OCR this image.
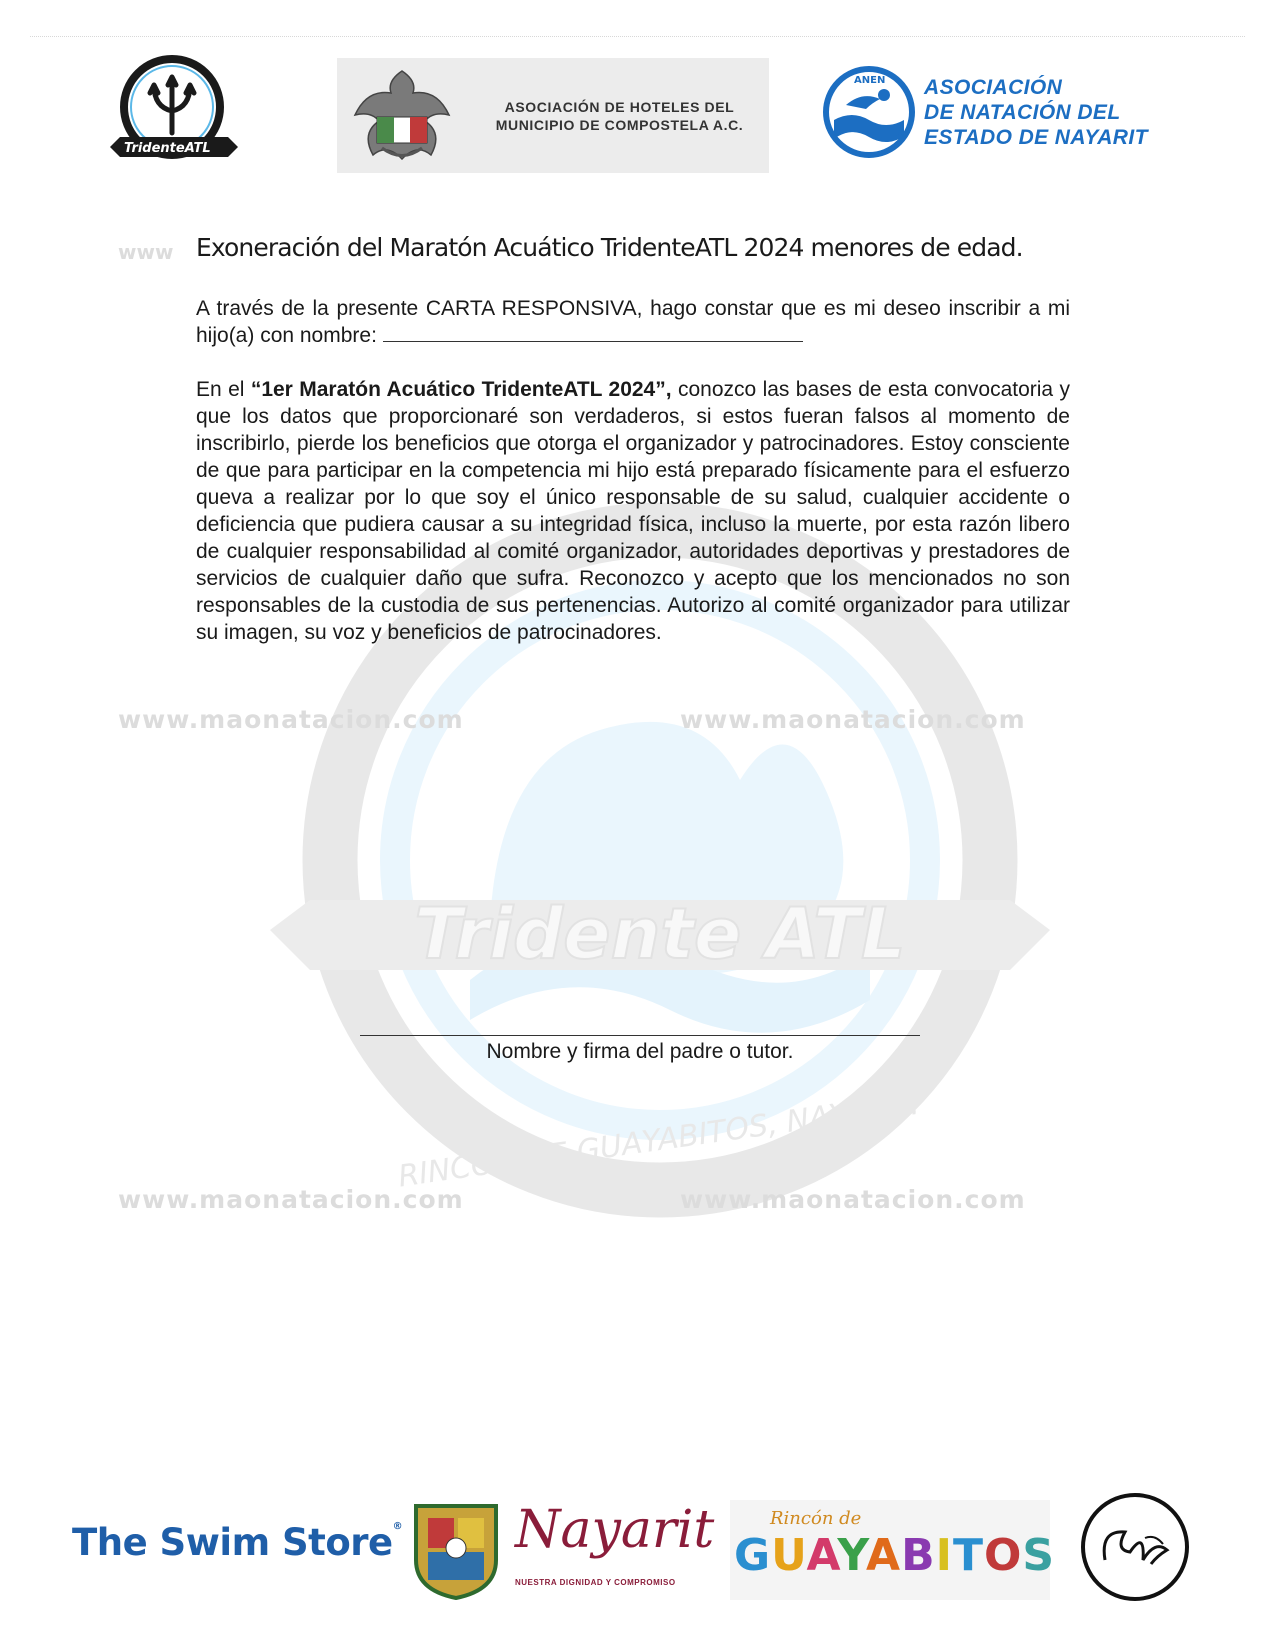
TridenteATL
ASOCIACIÓN DE HOTELES DEL MUNICIPIO DE COMPOSTELA A.C.
ANEN ASOCIACIÓN
DE NATACIÓN DEL
ESTADO DE NAYARIT
Tridente ATL
RINCÓN DE GUAYABITOS, NAYARIT.
www.maonatacion.com	www.maonatacion.com
www.maonatacion.com	www.maonatacion.com
www Exoneración del Maratón Acuático TridenteATL 2024 menores de edad.
A través de la presente CARTA RESPONSIVA, hago constar que es mi deseo inscribir a mi hijo(a) con nombre:
En el “1er Maratón Acuático TridenteATL 2024”, conozco las bases de esta convocatoria y que los datos que proporcionaré son verdaderos, si estos fueran falsos al momento de inscribirlo, pierde los beneficios que otorga el organizador y patrocinadores. Estoy consciente de que para participar en la competencia mi hijo está preparado físicamente para el esfuerzo queva a realizar por lo que soy el único responsable de su salud, cualquier accidente o deficiencia que pudiera causar a su integridad física, incluso la muerte, por esta razón libero de cualquier responsabilidad al comité organizador, autoridades deportivas y prestadores de servicios de cualquier daño que sufra. Reconozco y acepto que los mencionados no son responsables de la custodia de sus pertenencias. Autorizo al comité organizador para utilizar su imagen, su voz y beneficios de patrocinadores.
Nombre y firma del padre o tutor.
The Swim Store® Nayarit
NUESTRA DIGNIDAD Y COMPROMISO
Rincón de
GUAYABITOS
